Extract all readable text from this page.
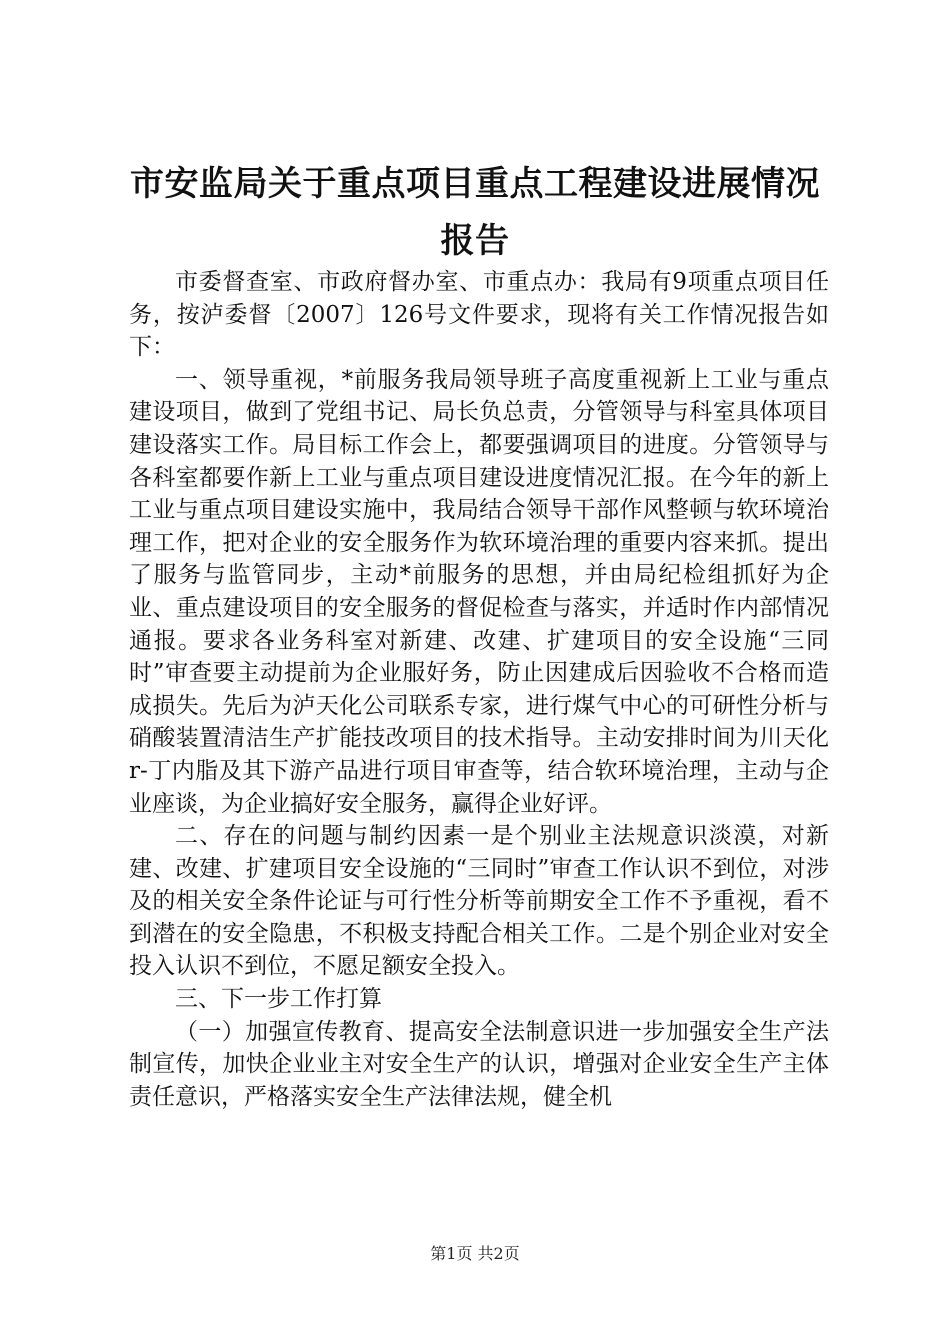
市安监局关于重点项目重点工程建设进展情况报告

市委督查室、市政府督办室、市重点办：我局有9项重点项目任务，按泸委督〔2007〕126号文件要求，现将有关工作情况报告如下：

一、领导重视，*前服务我局领导班子高度重视新上工业与重点建设项目，做到了党组书记、局长负总责，分管领导与科室具体项目建设落实工作。局目标工作会上，都要强调项目的进度。分管领导与各科室都要作新上工业与重点项目建设进度情况汇报。在今年的新上工业与重点项目建设实施中，我局结合领导干部作风整顿与软环境治理工作，把对企业的安全服务作为软环境治理的重要内容来抓。提出了服务与监管同步，主动*前服务的思想，并由局纪检组抓好为企业、重点建设项目的安全服务的督促检查与落实，并适时作内部情况通报。要求各业务科室对新建、改建、扩建项目的安全设施“三同时”审查要主动提前为企业服好务，防止因建成后因验收不合格而造成损失。先后为泸天化公司联系专家，进行煤气中心的可研性分析与硝酸装置清洁生产扩能技改项目的技术指导。主动安排时间为川天化r-丁内脂及其下游产品进行项目审查等，结合软环境治理，主动与企业座谈，为企业搞好安全服务，赢得企业好评。

二、存在的问题与制约因素一是个别业主法规意识淡漠，对新建、改建、扩建项目安全设施的“三同时”审查工作认识不到位，对涉及的相关安全条件论证与可行性分析等前期安全工作不予重视，看不到潜在的安全隐患，不积极支持配合相关工作。二是个别企业对安全投入认识不到位，不愿足额安全投入。

三、下一步工作打算

（一）加强宣传教育、提高安全法制意识进一步加强安全生产法制宣传，加快企业业主对安全生产的认识，增强对企业安全生产主体责任意识，严格落实安全生产法律法规，健全机

第1页 共2页
